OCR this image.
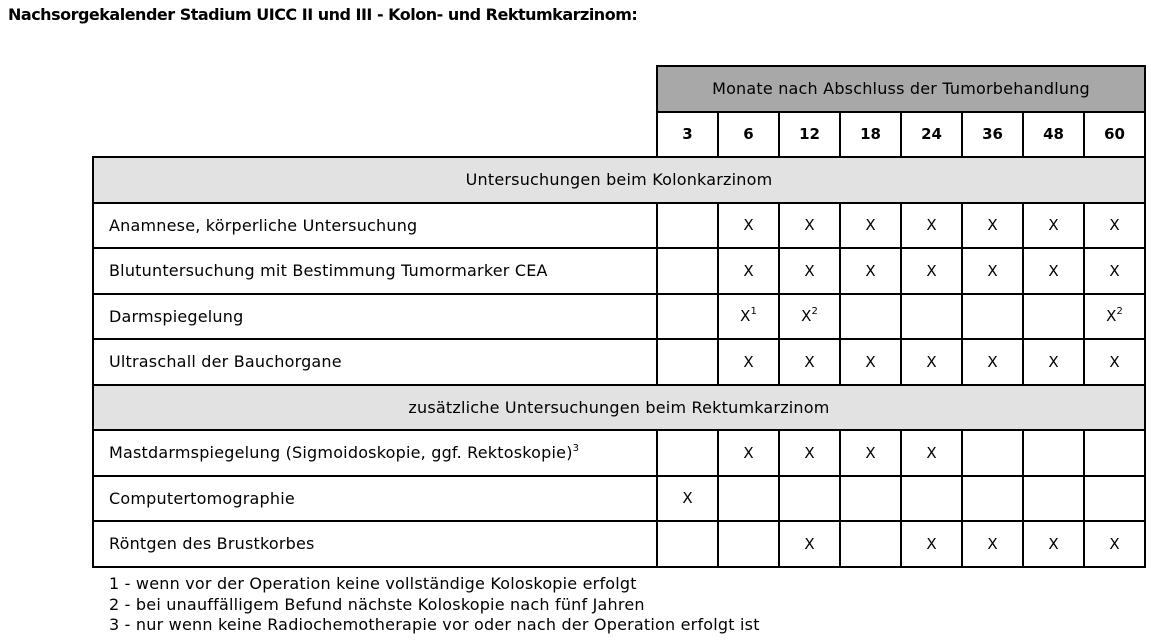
Nachsorgekalender Stadium UICC II und III - Kolon- und Rektumkarzinom:
	Monate nach Abschluss der Tumorbehandlung							
	3	6	12	18	24	36	48	60
Untersuchungen beim Kolonkarzinom								
Anamnese, körperliche Untersuchung		X	X	X	X	X	X	X
Blutuntersuchung mit Bestimmung Tumormarker CEA		X	X	X	X	X	X	X
Darmspiegelung		$X^1$	$X^2$					$X^2$
Ultraschall der Bauchorgane		X	X	X	X	X	X	X
zusätzliche Untersuchungen beim Rektumkarzinom								
Mastdarmspiegelung (Sigmoidoskopie, ggf. Rektoskopie)$^3$		X	X	X	X			
Computertomographie	X							
Röntgen des Brustkorbes			X		X	X	X	X
1 - wenn vor der Operation keine vollständige Koloskopie erfolgt
2 - bei unauffälligem Befund nächste Koloskopie nach fünf Jahren
3 - nur wenn keine Radiochemotherapie vor oder nach der Operation erfolgt ist
